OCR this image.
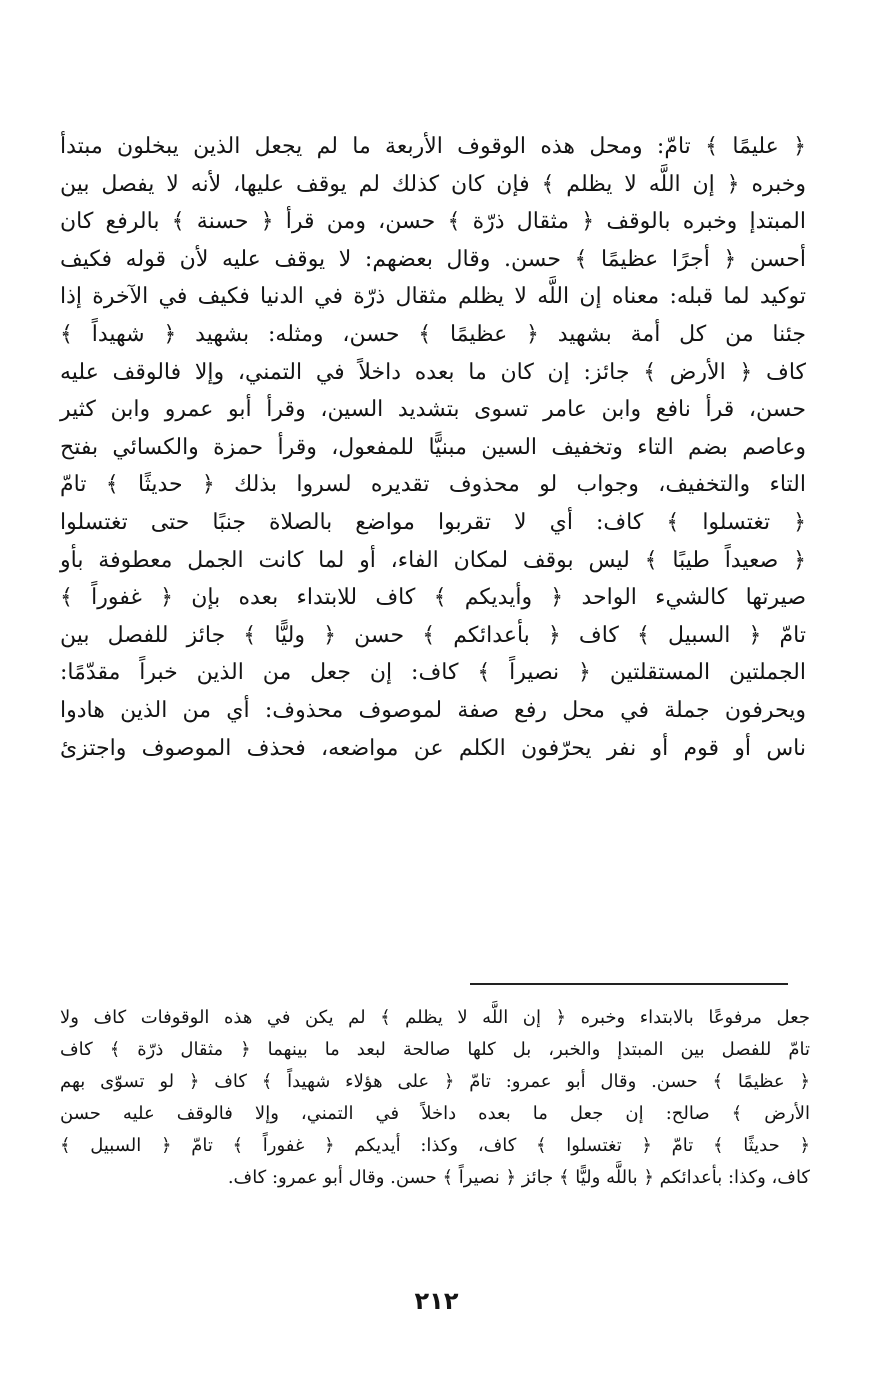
﴿ عليمًا ﴾ تامّ: ومحل هذه الوقوف الأربعة ما لم يجعل الذين يبخلون مبتدأ
وخبره ﴿ إن اللَّه لا يظلم ﴾ فإن كان كذلك لم يوقف عليها، لأنه لا يفصل بين
المبتدإ وخبره بالوقف ﴿ مثقال ذرّة ﴾ حسن، ومن قرأ ﴿ حسنة ﴾ بالرفع كان
أحسن ﴿ أجرًا عظيمًا ﴾ حسن. وقال بعضهم: لا يوقف عليه لأن قوله فكيف
توكيد لما قبله: معناه إن اللَّه لا يظلم مثقال ذرّة في الدنيا فكيف في الآخرة إذا
جئنا من كل أمة بشهيد ﴿ عظيمًا ﴾ حسن، ومثله: بشهيد ﴿ شهيداً ﴾
كاف ﴿ الأرض ﴾ جائز: إن كان ما بعده داخلاً في التمني، وإلا فالوقف عليه
حسن، قرأ نافع وابن عامر تسوى بتشديد السين، وقرأ أبو عمرو وابن كثير
وعاصم بضم التاء وتخفيف السين مبنيًّا للمفعول، وقرأ حمزة والكسائي بفتح
التاء والتخفيف، وجواب لو محذوف تقديره لسروا بذلك ﴿ حديثًا ﴾ تامّ
﴿ تغتسلوا ﴾ كاف: أي لا تقربوا مواضع بالصلاة جنبًا حتى تغتسلوا
﴿ صعيداً طيبًا ﴾ ليس بوقف لمكان الفاء، أو لما كانت الجمل معطوفة بأو
صيرتها كالشيء الواحد ﴿ وأيديكم ﴾ كاف للابتداء بعده بإن ﴿ غفوراً ﴾
تامّ ﴿ السبيل ﴾ كاف ﴿ بأعدائكم ﴾ حسن ﴿ وليًّا ﴾ جائز للفصل بين
الجملتين المستقلتين ﴿ نصيراً ﴾ كاف: إن جعل من الذين خبراً مقدّمًا:
ويحرفون جملة في محل رفع صفة لموصوف محذوف: أي من الذين هادوا
ناس أو قوم أو نفر يحرّفون الكلم عن مواضعه، فحذف الموصوف واجتزئ
جعل مرفوعًا بالابتداء وخبره ﴿ إن اللَّه لا يظلم ﴾ لم يكن في هذه الوقوفات كاف ولا
تامّ للفصل بين المبتدإ والخبر، بل كلها صالحة لبعد ما بينهما ﴿ مثقال ذرّة ﴾ كاف
﴿ عظيمًا ﴾ حسن. وقال أبو عمرو: تامّ ﴿ على هؤلاء شهيداً ﴾ كاف ﴿ لو تسوّى بهم
الأرض ﴾ صالح: إن جعل ما بعده داخلاً في التمني، وإلا فالوقف عليه حسن
﴿ حديثًا ﴾ تامّ ﴿ تغتسلوا ﴾ كاف، وكذا: أيديكم ﴿ غفوراً ﴾ تامّ ﴿ السبيل ﴾
كاف، وكذا: بأعدائكم ﴿ باللَّه وليًّا ﴾ جائز ﴿ نصيراً ﴾ حسن. وقال أبو عمرو: كاف.
٢١٢
